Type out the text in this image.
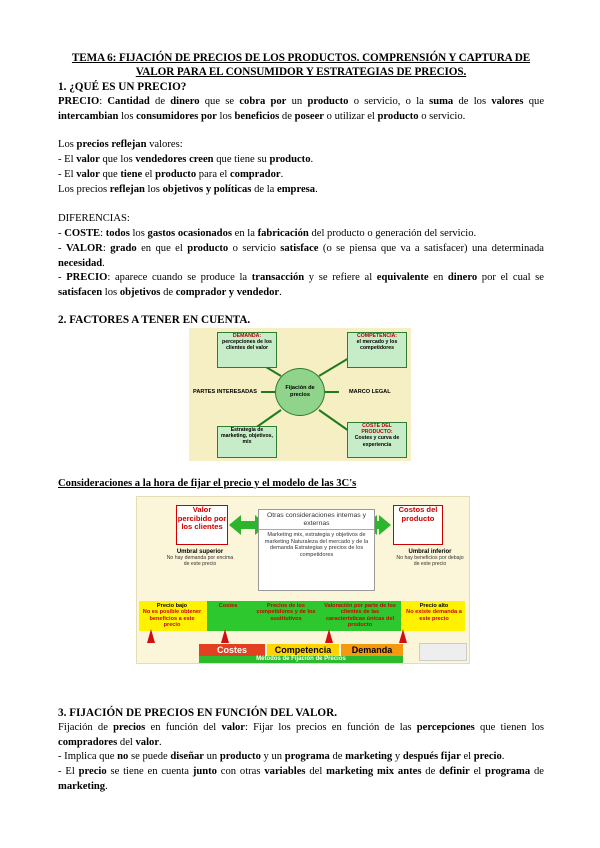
TEMA 6: FIJACIÓN DE PRECIOS DE LOS PRODUCTOS. COMPRENSIÓN Y CAPTURA DE
VALOR PARA EL CONSUMIDOR Y ESTRATEGIAS DE PRECIOS.
1. ¿QUÉ ES UN PRECIO?
PRECIO: Cantidad de dinero que se cobra por un producto o servicio, o la suma de los valores que intercambian los consumidores por los beneficios de poseer o utilizar el producto o servicio.
Los precios reflejan valores:
- El valor que los vendedores creen que tiene su producto.
- El valor que tiene el producto para el comprador.
Los precios reflejan los objetivos y políticas de la empresa.
DIFERENCIAS:
- COSTE: todos los gastos ocasionados en la fabricación del producto o generación del servicio.
- VALOR: grado en que el producto o servicio satisface (o se piensa que va a satisfacer) una determinada necesidad.
- PRECIO: aparece cuando se produce la transacción y se refiere al equivalente en dinero por el cual se satisfacen los objetivos de comprador y vendedor.
2. FACTORES A TENER EN CUENTA.
DEMANDA:
percepciones de los clientes del valor
COMPETENCIA:
el mercado y los competidores
PARTES INTERESADAS	MARCO LEGAL
Fijación de precios
Estrategia de marketing, objetivos, mix
COSTE DEL PRODUCTO:
Costes y curva de experiencia
Consideraciones a la hora de fijar el precio y el modelo de las 3C's
Valor percibido por los clientes
Costos del producto
Otras consideraciones internas y externas
Marketing mix, estrategia y objetivos de marketing Naturaleza del mercado y de la demanda Estrategias y precios de los competidores
Umbral superior
No hay demanda por encima de este precio
Umbral inferior
No hay beneficios por debajo de este precio
Precio bajo
No es posible obtener beneficios a este precio
Costes	Precios de los competidores y de los sustitutivos
Valoración por parte de los clientes de las características únicas del producto
Precio alto
No existe demanda a este precio
Costes	Competencia	Demanda
Métodos de Fijación de Precios
3. FIJACIÓN DE PRECIOS EN FUNCIÓN DEL VALOR.
Fijación de precios en función del valor: Fijar los precios en función de las percepciones que tienen los compradores del valor.
- Implica que no se puede diseñar un producto y un programa de marketing y después fijar el precio.
- El precio se tiene en cuenta junto con otras variables del marketing mix antes de definir el programa de marketing.
